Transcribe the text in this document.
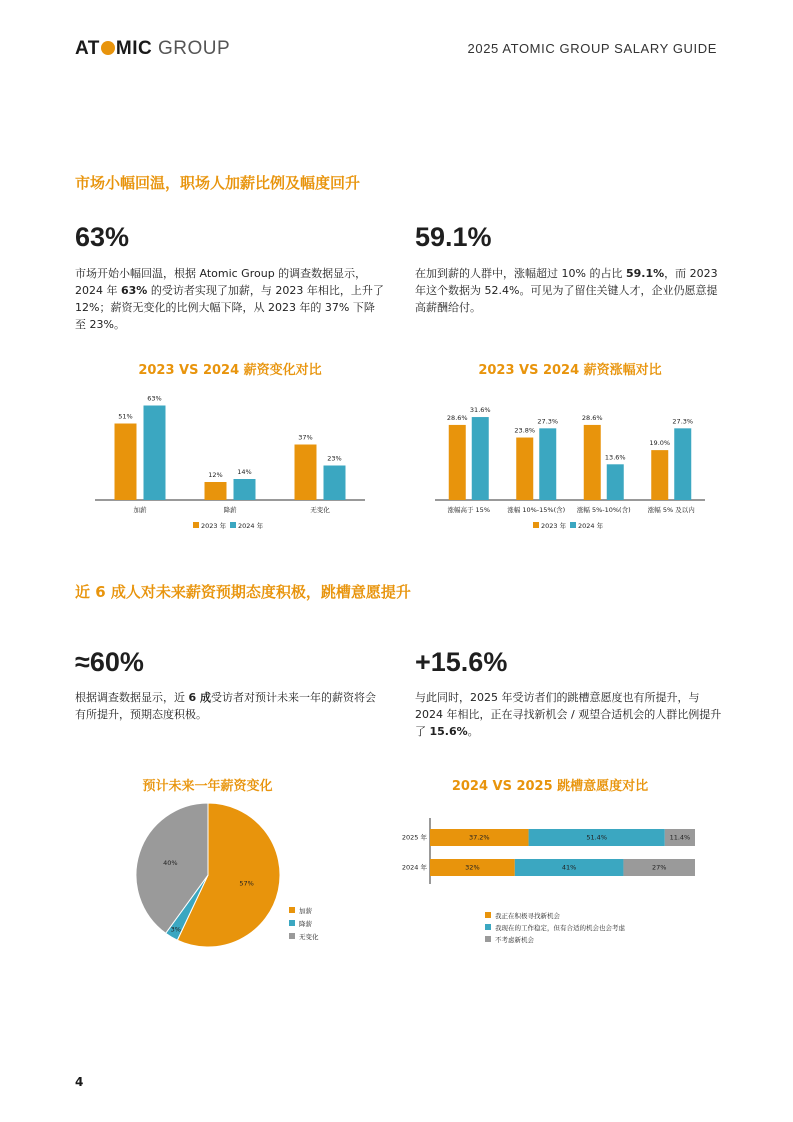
AT MIC GROUP	2025 ATOMIC GROUP SALARY GUIDE
市场小幅回温，职场人加薪比例及幅度回升
63%
市场开始小幅回温，根据 Atomic Group 的调查数据显示，2024 年 63% 的受访者实现了加薪，与 2023 年相比，上升了 12%；薪资无变化的比例大幅下降，从 2023 年的 37% 下降至 23%。
59.1%
在加到薪的人群中，涨幅超过 10% 的占比 59.1%，而 2023 年这个数据为 52.4%。可见为了留住关键人才，企业仍愿意提高薪酬给付。
2023 VS 2024 薪资变化对比
51%
63%
加薪
12% 14%
降薪
37%
23%
无变化
2023 年 2024 年
2023 VS 2024 薪资涨幅对比
28.6%
31.6%
涨幅高于 15%
23.8%
27.3%
涨幅 10%-15%(含)
28.6%
13.6%
涨幅 5%-10%(含)
19.0%
27.3%
涨幅 5% 及以内
2023 年 2024 年
近 6 成人对未来薪资预期态度积极，跳槽意愿提升
≈60%
根据调查数据显示，近 6 成受访者对预计未来一年的薪资将会有所提升，预期态度积极。
+15.6%
与此同时，2025 年受访者们的跳槽意愿度也有所提升，与 2024 年相比，正在寻找新机会 / 观望合适机会的人群比例提升了 15.6%。
预计未来一年薪资变化
57%
3%
40%
加薪
降薪
无变化
2024 VS 2025 跳槽意愿度对比
2025 年	37.2%	51.4%	11.4%
2024 年	32%	41%	27%
我正在积极寻找新机会
我现在的工作稳定，但有合适的机会也会考虑
不考虑新机会
4
